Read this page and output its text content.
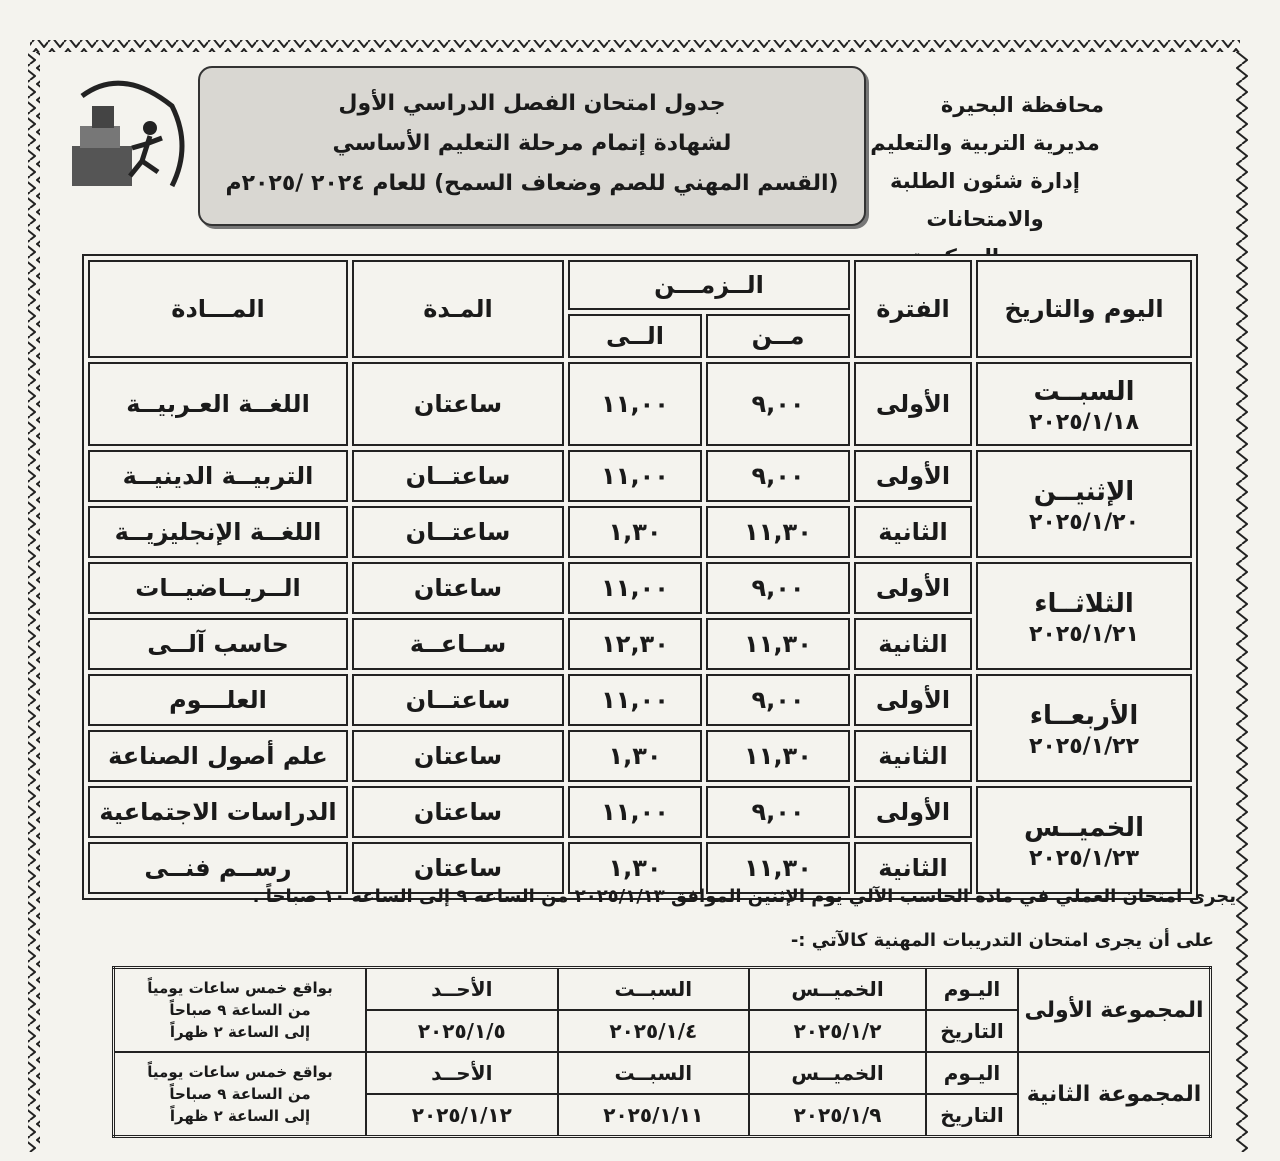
جدول امتحان الفصل الدراسي الأول
لشهادة إتمام مرحلة التعليم الأساسي
(القسم المهني للصم وضعاف السمح) للعام ٢٠٢٤ /٢٠٢٥م
محافظة البحيرة
مديرية التربية والتعليم
إدارة شئون الطلبة والامتحانات
اليوم والتاريخ	الفترة	الــزمـــن		المـدة	المـــادة
		مــن	الــى		

السبــت
٢٠٢٥/١/١٨	الأولى	٩,٠٠	١١,٠٠	ساعتان	اللغــة العـربيــة

الإثنيــن
٢٠٢٥/١/٢٠	الأولى	٩,٠٠	١١,٠٠	ساعتــان	التربيــة الدينيــة
	الثانية	١١,٣٠	١,٣٠	ساعتــان	اللغــة الإنجليزيــة

الثلاثــاء
٢٠٢٥/١/٢١	الأولى	٩,٠٠	١١,٠٠	ساعتان	الــريــاضيــات
	الثانية	١١,٣٠	١٢,٣٠	ســاعــة	حاسب آلــى

الأربعــاء
٢٠٢٥/١/٢٢	الأولى	٩,٠٠	١١,٠٠	ساعتــان	العلـــوم
	الثانية	١١,٣٠	١,٣٠	ساعتان	علم أصول الصناعة

الخميــس
٢٠٢٥/١/٢٣	الأولى	٩,٠٠	١١,٠٠	ساعتان	الدراسات الاجتماعية
	الثانية	١١,٣٠	١,٣٠	ساعتان	رســم فنــى
يجرى امتحان العملي في مادة الحاسب الآلي يوم الإثنين الموافق ٢٠٢٥/١/١٣ من الساعة ٩ إلى الساعة ١٠ صباحاً .
على أن يجرى امتحان التدريبات المهنية كالآتي :-
المجموعة الأولى	اليـوم	الخميــس	السبــت	الأحــد	بواقع خمس ساعات يومياً
من الساعة ٩ صباحاً
إلى الساعة ٢ ظهراً

	التاريخ	٢٠٢٥/١/٢	٢٠٢٥/١/٤	٢٠٢٥/١/٥	
المجموعة الثانية	اليـوم	الخميــس	السبــت	الأحــد	بواقع خمس ساعات يومياً
من الساعة ٩ صباحاً
إلى الساعة ٢ ظهراً

	التاريخ	٢٠٢٥/١/٩	٢٠٢٥/١/١١	٢٠٢٥/١/١٢	
